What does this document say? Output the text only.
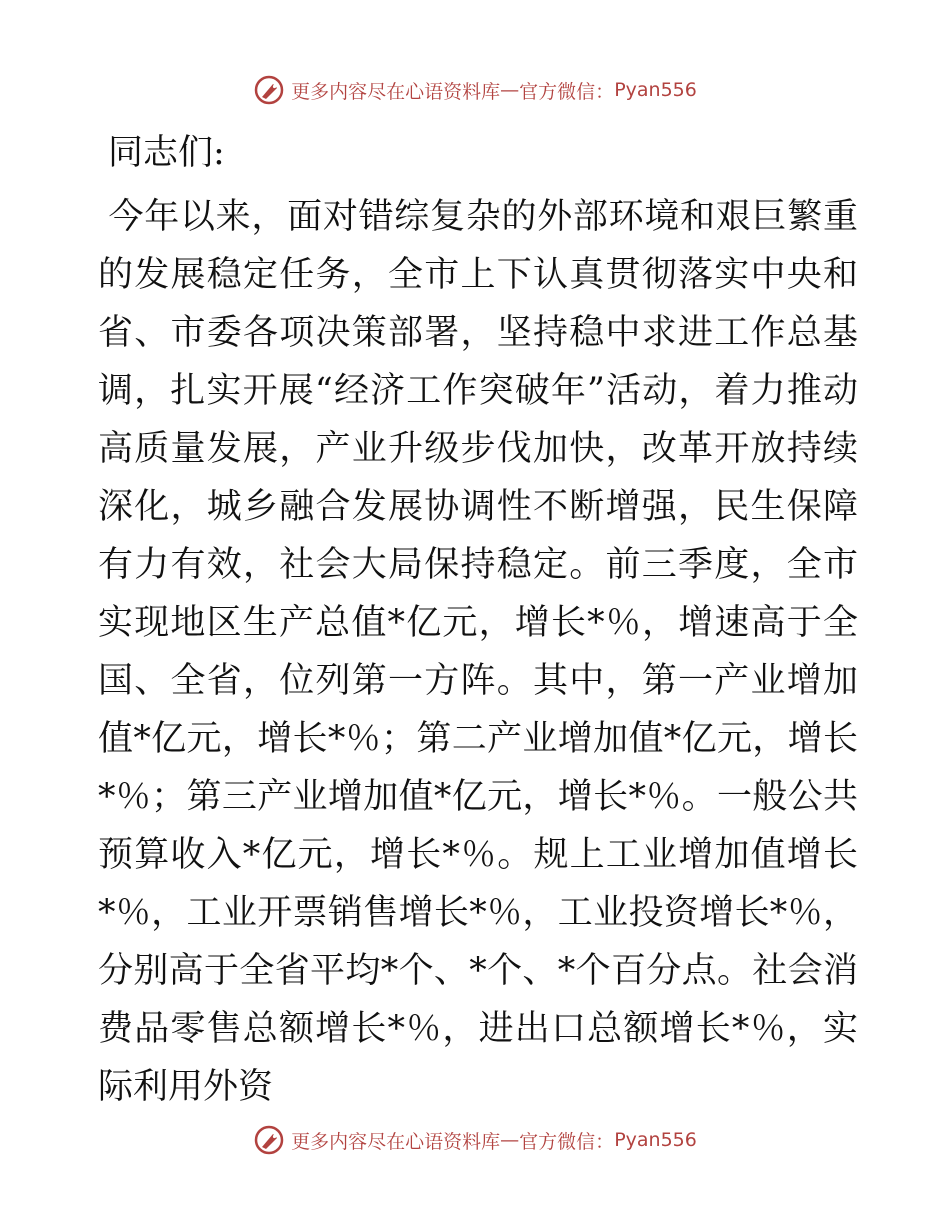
更多内容尽在心语资料库 — 官方微信： Pyan556
同志们:

今年以来，面对错综复杂的外部环境和艰巨繁重的发展稳定任务，全市上下认真贯彻落实中央和省、市委各项决策部署，坚持稳中求进工作总基调，扎实开展“经济工作突破年”活动，着力推动高质量发展，产业升级步伐加快，改革开放持续深化，城乡融合发展协调性不断增强，民生保障有力有效，社会大局保持稳定。前三季度，全市实现地区生产总值*亿元，增长*％，增速高于全国、全省，位列第一方阵。其中，第一产业增加值*亿元，增长*％；第二产业增加值*亿元，增长*％；第三产业增加值*亿元，增长*％。一般公共预算收入*亿元，增长*％。规上工业增加值增长*％，工业开票销售增长*％，工业投资增长*％，分别高于全省平均*个、*个、*个百分点。社会消费品零售总额增长*％，进出口总额增长*％，实际利用外资

更多内容尽在心语资料库 — 官方微信： Pyan556
